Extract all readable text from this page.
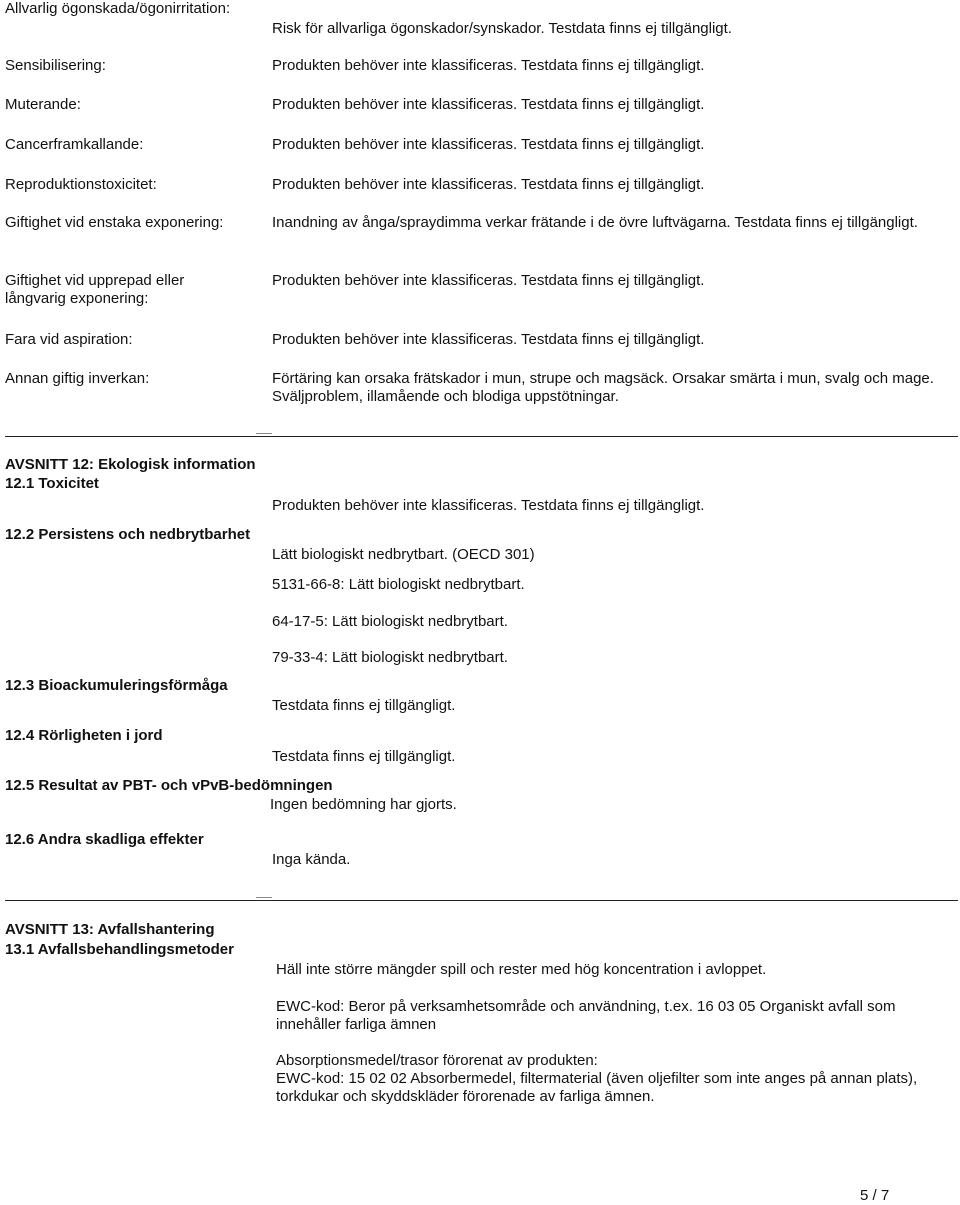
Allvarlig ögonskada/ögonirritation:
Risk för allvarliga ögonskador/synskador. Testdata finns ej tillgängligt.
Sensibilisering:	Produkten behöver inte klassificeras. Testdata finns ej tillgängligt.
Muterande:	Produkten behöver inte klassificeras. Testdata finns ej tillgängligt.
Cancerframkallande:	Produkten behöver inte klassificeras. Testdata finns ej tillgängligt.
Reproduktionstoxicitet:	Produkten behöver inte klassificeras. Testdata finns ej tillgängligt.
Giftighet vid enstaka exponering:	Inandning av ånga/spraydimma verkar frätande i de övre luftvägarna. Testdata finns ej tillgängligt.
Giftighet vid upprepad eller långvarig exponering:
Produkten behöver inte klassificeras. Testdata finns ej tillgängligt.
Fara vid aspiration:	Produkten behöver inte klassificeras. Testdata finns ej tillgängligt.
Annan giftig inverkan:	Förtäring kan orsaka frätskador i mun, strupe och magsäck. Orsakar smärta i mun, svalg och mage. Sväljproblem, illamående och blodiga uppstötningar.
AVSNITT 12: Ekologisk information
12.1 Toxicitet
Produkten behöver inte klassificeras. Testdata finns ej tillgängligt.
12.2 Persistens och nedbrytbarhet
Lätt biologiskt nedbrytbart. (OECD 301)
5131-66-8: Lätt biologiskt nedbrytbart.
64-17-5: Lätt biologiskt nedbrytbart.
79-33-4: Lätt biologiskt nedbrytbart.
12.3 Bioackumuleringsförmåga
Testdata finns ej tillgängligt.
12.4 Rörligheten i jord
Testdata finns ej tillgängligt.
12.5 Resultat av PBT- och vPvB-bedömningen
Ingen bedömning har gjorts.
12.6 Andra skadliga effekter
Inga kända.
AVSNITT 13: Avfallshantering
13.1 Avfallsbehandlingsmetoder
Häll inte större mängder spill och rester med hög koncentration i avloppet.
EWC-kod: Beror på verksamhetsområde och användning, t.ex. 16 03 05 Organiskt avfall som innehåller farliga ämnen
Absorptionsmedel/trasor förorenat av produkten:
EWC-kod: 15 02 02 Absorbermedel, filtermaterial (även oljefilter som inte anges på annan plats), torkdukar och skyddskläder förorenade av farliga ämnen.
5 / 7
